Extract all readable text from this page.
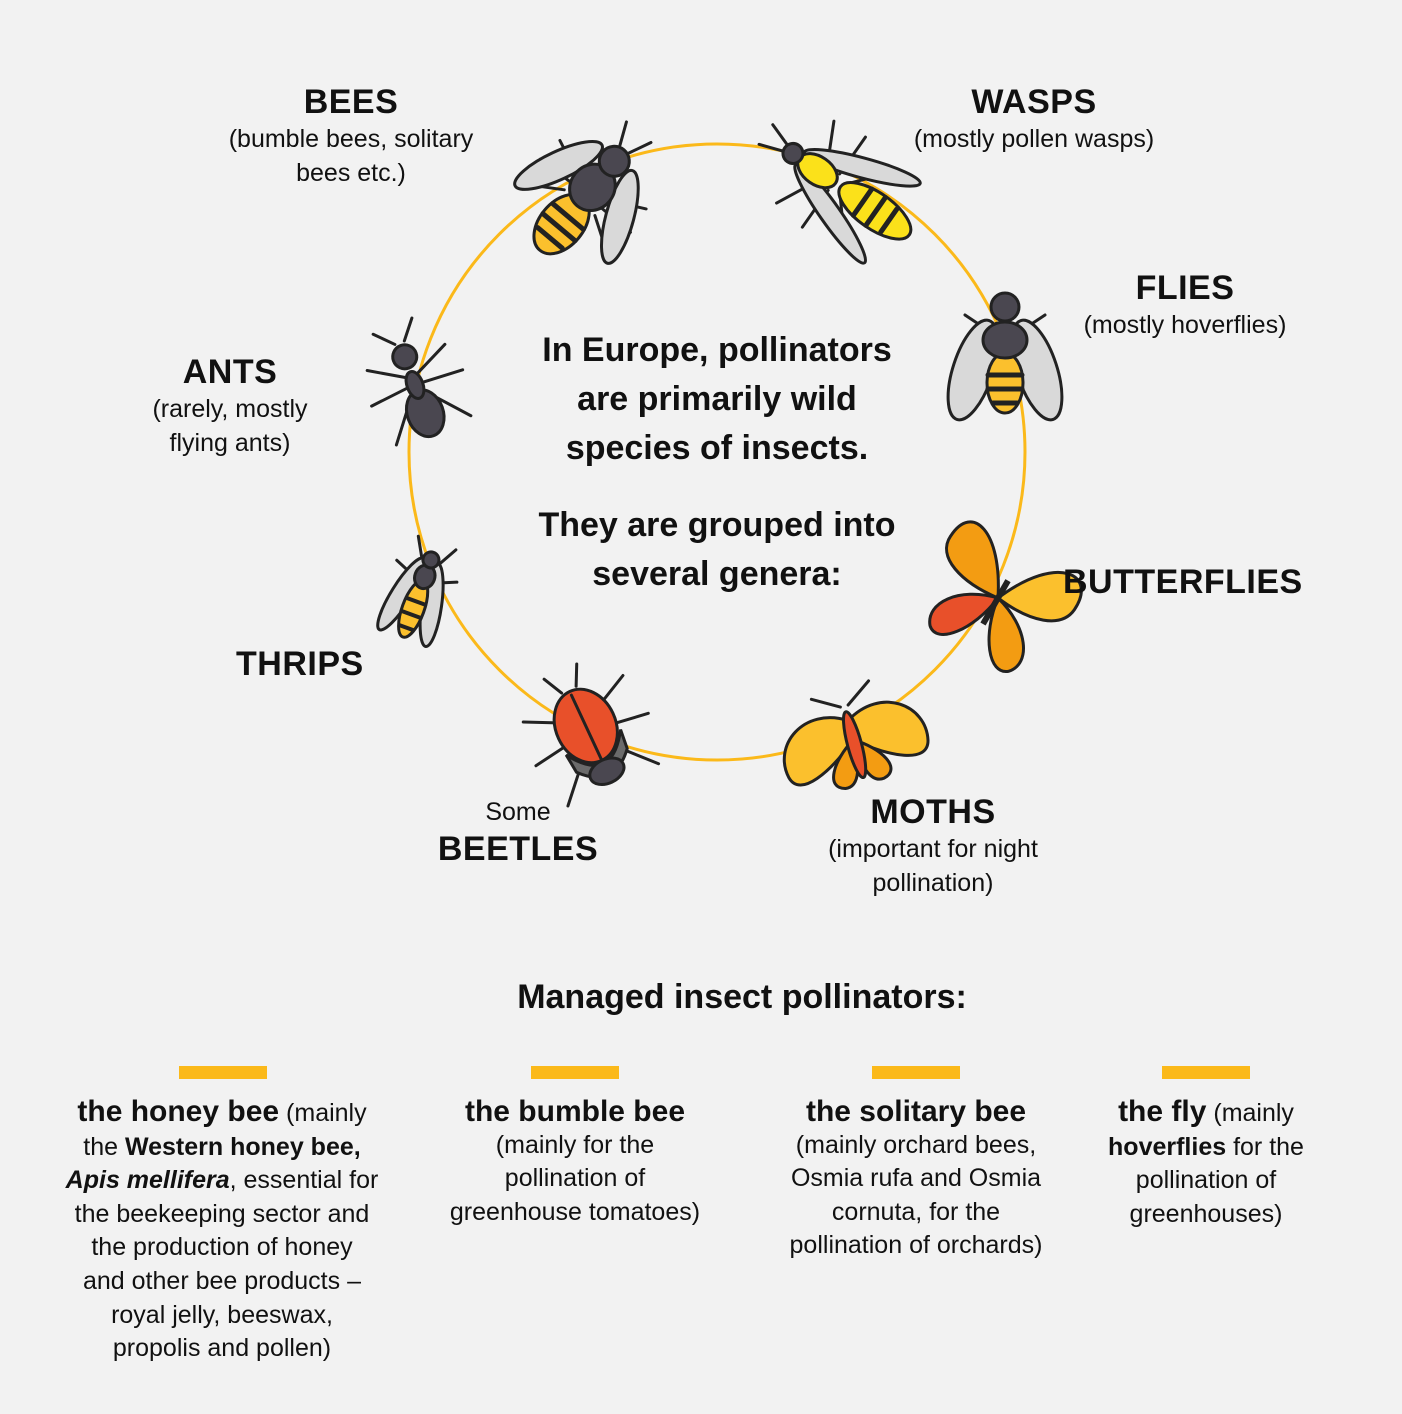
BEES
(bumble bees, solitary
bees etc.)
WASPS
(mostly pollen wasps)
FLIES
(mostly hoverflies)
ANTS
(rarely, mostly
flying ants)
BUTTERFLIES
THRIPS
Some
BEETLES
MOTHS
(important for night
pollination)
In Europe, pollinators
are primarily wild
species of insects.
They are grouped into
several genera:
Managed insect pollinators:
the honey bee (mainly
the Western honey bee,
Apis mellifera, essential for
the beekeeping sector and
the production of honey
and other bee products –
royal jelly, beeswax,
propolis and pollen)
the bumble bee
(mainly for the
pollination of
greenhouse tomatoes)
the solitary bee
(mainly orchard bees,
Osmia rufa and Osmia
cornuta, for the
pollination of orchards)
the fly (mainly
hoverflies for the
pollination of
greenhouses)
